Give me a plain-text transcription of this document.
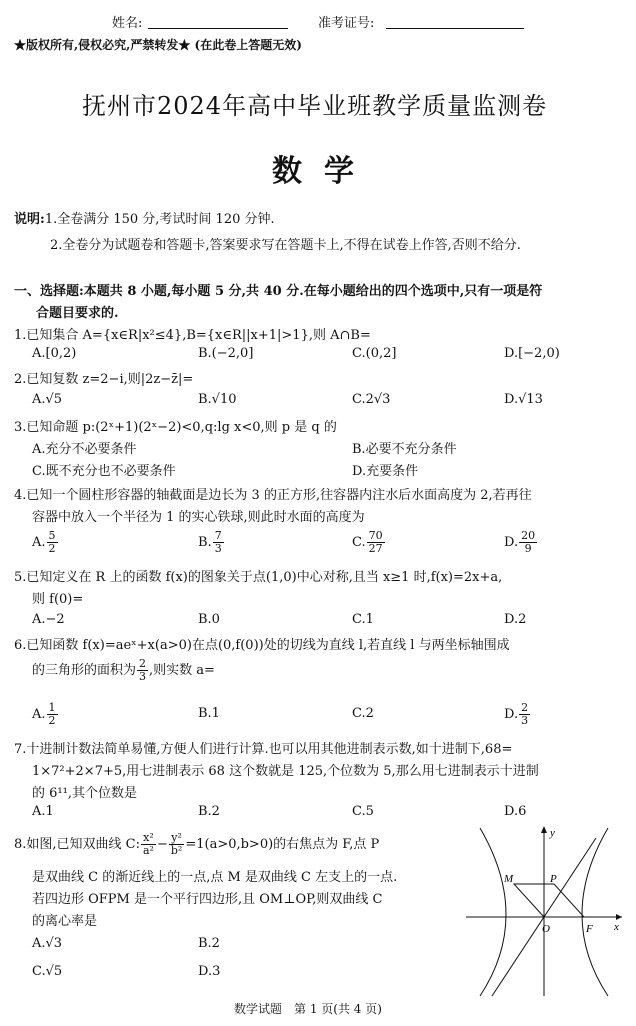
姓名:	准考证号:
★版权所有,侵权必究,严禁转发★ (在此卷上答题无效)
抚州市2024年高中毕业班教学质量监测卷
数学
说明:1.全卷满分 150 分,考试时间 120 分钟.
2.全卷分为试题卷和答题卡,答案要求写在答题卡上,不得在试卷上作答,否则不给分.
一、选择题:本题共 8 小题,每小题 5 分,共 40 分.在每小题给出的四个选项中,只有一项是符
合题目要求的.
1.已知集合 A={x∈R|x²≤4},B={x∈R||x+1|>1},则 A∩B=
A.[0,2)	B.(−2,0]	C.(0,2]	D.[−2,0)
2.已知复数 z=2−i,则|2z−z̄|=
A.√5	B.√10	C.2√3	D.√13
3.已知命题 p:(2ˣ+1)(2ˣ−2)<0,q:lg x<0,则 p 是 q 的
A.充分不必要条件	B.必要不充分条件
C.既不充分也不必要条件	D.充要条件
4.已知一个圆柱形容器的轴截面是边长为 3 的正方形,往容器内注水后水面高度为 2,若再往
容器中放入一个半径为 1 的实心铁球,则此时水面的高度为
A. $\frac{5}{2}$	B. $\frac{7}{3}$	C. $\frac{70}{27}$	D. $\frac{20}{9}$
5.已知定义在 R 上的函数 f(x)的图象关于点(1,0)中心对称,且当 x≥1 时,f(x)=2x+a,
则 f(0)=
A.−2	B.0	C.1	D.2
6.已知函数 f(x)=aeˣ+x(a>0)在点(0,f(0))处的切线为直线 l,若直线 l 与两坐标轴围成
的三角形的面积为 $\frac{2}{3}$ ,则实数 a=
A. $\frac{1}{2}$	B.1	C.2	D. $\frac{2}{3}$
7.十进制计数法简单易懂,方便人们进行计算.也可以用其他进制表示数,如十进制下,68=
1×7²+2×7+5,用七进制表示 68 这个数就是 125,个位数为 5,那么用七进制表示十进制
的 6¹¹,其个位数是
A.1	B.2	C.5	D.6
8.如图,已知双曲线 C: $\frac{\text{x²}}{\text{a²}} - \frac{\text{y²}}{\text{b²}} =1(a>0,b>0)$的右焦点为 F,点 P
是双曲线 C 的渐近线上的一点,点 M 是双曲线 C 左支上的一点.
若四边形 OFPM 是一个平行四边形,且 OM⊥OP,则双曲线 C
的离心率是
A.√3	B.2
C.√5	D.3
y
x
O	F
M	P
数学试题　第 1 页(共 4 页)
